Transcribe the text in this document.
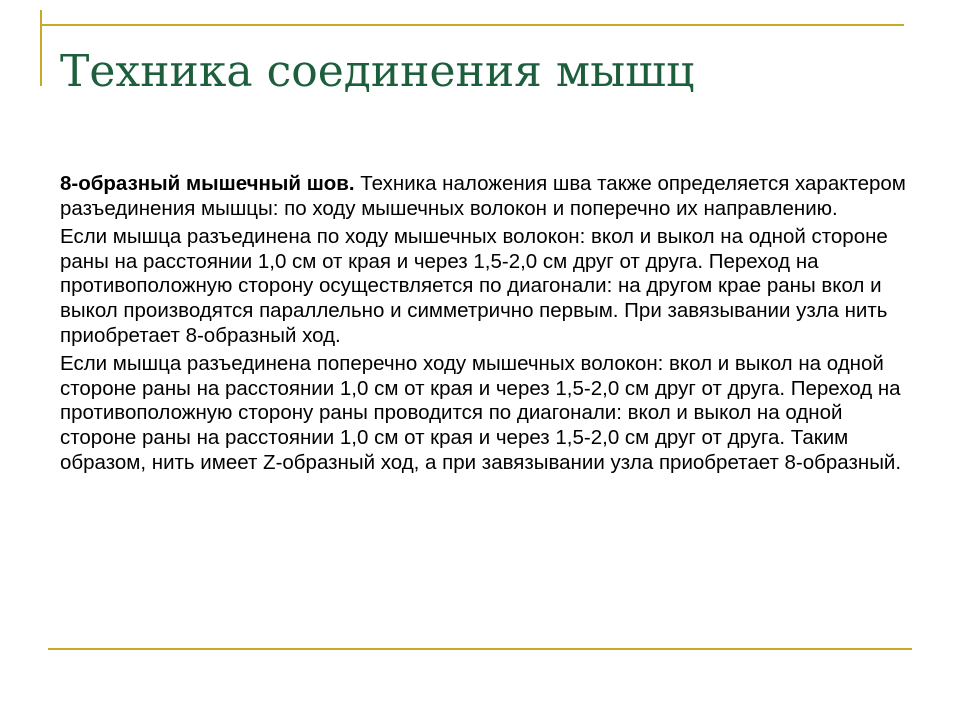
Техника соединения мышц

8-образный мышечный шов. Техника наложения шва также определяется характером разъединения мышцы: по ходу мышечных волокон и поперечно их направлению.

Если мышца разъединена по ходу мышечных волокон: вкол и выкол на одной стороне раны на расстоянии 1,0 см от края и через 1,5-2,0 см друг от друга. Переход на противоположную сторону осуществляется по диагонали: на другом крае раны вкол и выкол производятся параллельно и симметрично первым. При завязывании узла нить приобретает 8-образный ход.

Если мышца разъединена поперечно ходу мышечных волокон: вкол и выкол на одной стороне раны на расстоянии 1,0 см от края и через 1,5-2,0 см друг от друга. Переход на противоположную сторону раны проводится по диагонали: вкол и выкол на одной стороне раны на расстоянии 1,0 см от края и через 1,5-2,0 см друг от друга. Таким образом, нить имеет Z-образный ход, а при завязывании узла приобретает 8-образный.
